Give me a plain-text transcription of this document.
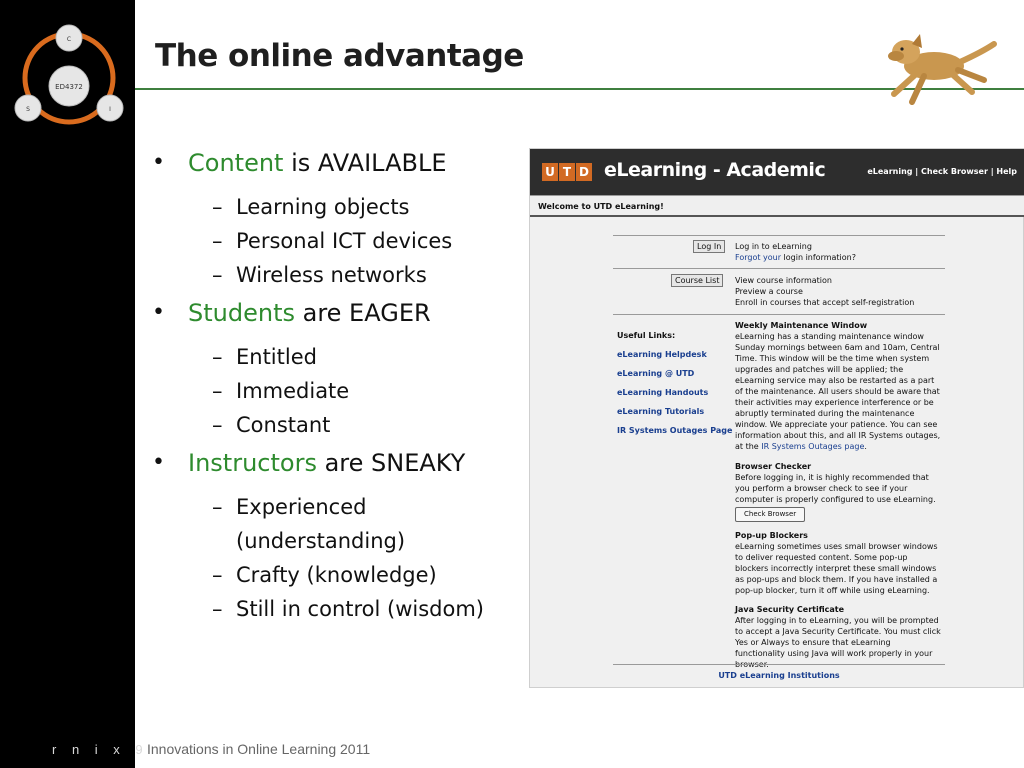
ED4372
C
S	I
r n i x 9
The online advantage
• Content is AVAILABLE
– Learning objects
– Personal ICT devices
– Wireless networks
• Students are EAGER
– Entitled
– Immediate
– Constant
• Instructors are SNEAKY
– Experienced (understanding)
– Crafty (knowledge)
– Still in control (wisdom)
U T D eLearning - Academic	eLearning | Check Browser | Help
Welcome to UTD eLearning!
Log In	Log in to eLearning
Forgot your login information?
Course List	View course information
Preview a course
Enroll in courses that accept self-registration
Useful Links:
eLearning Helpdesk
eLearning @ UTD
eLearning Handouts
eLearning Tutorials
IR Systems Outages Page
Weekly Maintenance Window
eLearning has a standing maintenance window Sunday mornings between 6am and 10am, Central Time. This window will be the time when system upgrades and patches will be applied; the eLearning service may also be restarted as a part of the maintenance. All users should be aware that their activities may experience interference or be abruptly terminated during the maintenance window. We appreciate your patience. You can see information about this, and all IR Systems outages, at the IR Systems Outages page.
Browser Checker
Before logging in, it is highly recommended that you perform a browser check to see if your computer is properly configured to use eLearning.
Check Browser
Pop-up Blockers
eLearning sometimes uses small browser windows to deliver requested content. Some pop-up blockers incorrectly interpret these small windows as pop-ups and block them. If you have installed a pop-up blocker, turn it off while using eLearning.
Java Security Certificate
After logging in to eLearning, you will be prompted to accept a Java Security Certificate. You must click Yes or Always to ensure that eLearning functionality using Java will work properly in your
UTD eLearning Institutions
Innovations in Online Learning 2011
